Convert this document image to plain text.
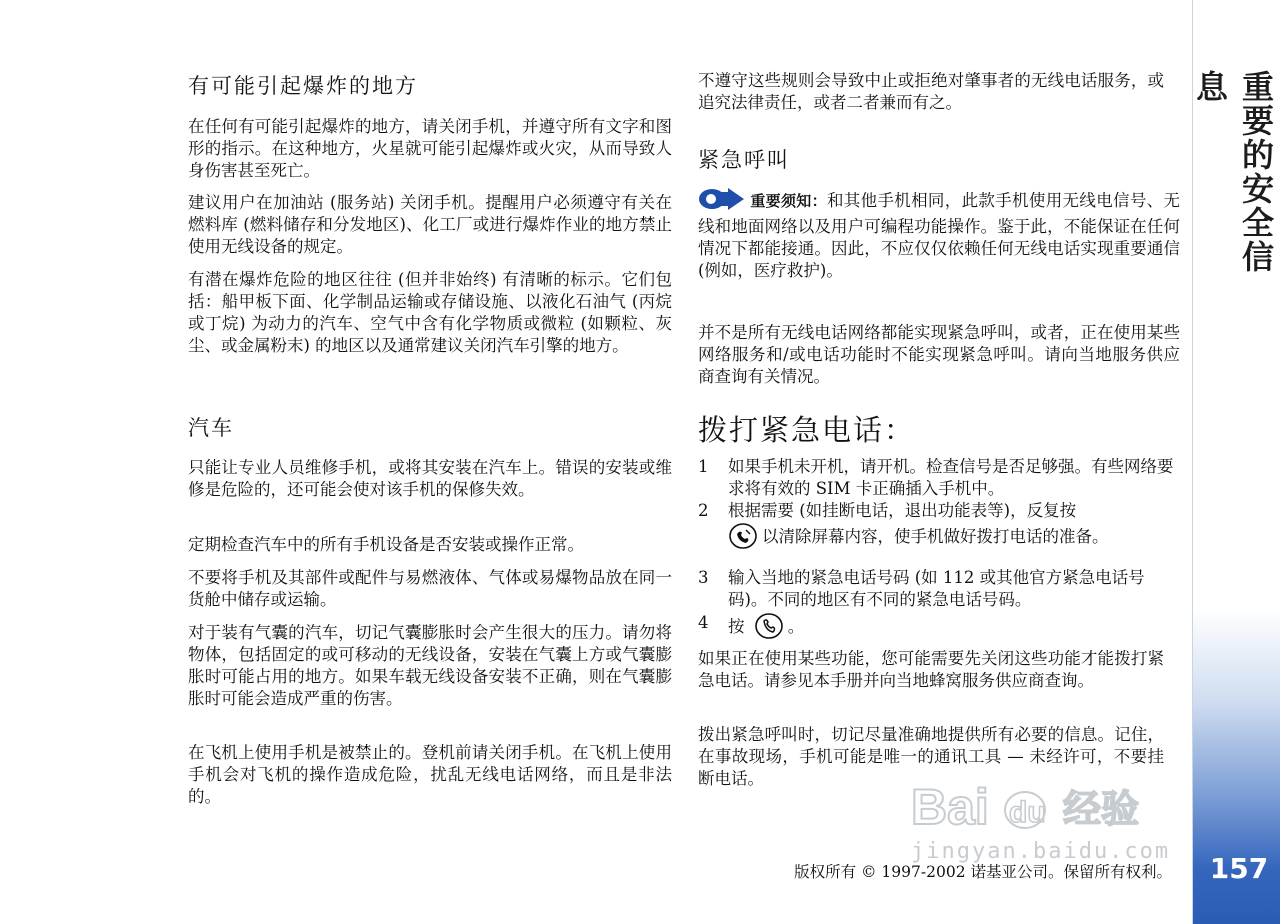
重要的安全信息
157
有可能引起爆炸的地方
在任何有可能引起爆炸的地方，请关闭手机，并遵守所有文字和图形的指示。在这种地方，火星就可能引起爆炸或火灾，从而导致人身伤害甚至死亡。
建议用户在加油站 (服务站) 关闭手机。提醒用户必须遵守有关在燃料库 (燃料储存和分发地区)、化工厂或进行爆炸作业的地方禁止使用无线设备的规定。
有潜在爆炸危险的地区往往 (但并非始终) 有清晰的标示。它们包括：船甲板下面、化学制品运输或存储设施、以液化石油气 (丙烷或丁烷) 为动力的汽车、空气中含有化学物质或微粒 (如颗粒、灰尘、或金属粉末) 的地区以及通常建议关闭汽车引擎的地方。
汽车
只能让专业人员维修手机，或将其安装在汽车上。错误的安装或维修是危险的，还可能会使对该手机的保修失效。
定期检查汽车中的所有手机设备是否安装或操作正常。
不要将手机及其部件或配件与易燃液体、气体或易爆物品放在同一货舱中储存或运输。
对于装有气囊的汽车，切记气囊膨胀时会产生很大的压力。请勿将物体，包括固定的或可移动的无线设备，安装在气囊上方或气囊膨胀时可能占用的地方。如果车载无线设备安装不正确，则在气囊膨胀时可能会造成严重的伤害。
在飞机上使用手机是被禁止的。登机前请关闭手机。在飞机上使用手机会对飞机的操作造成危险，扰乱无线电话网络，而且是非法的。
不遵守这些规则会导致中止或拒绝对肇事者的无线电话服务，或追究法律责任，或者二者兼而有之。
紧急呼叫
重要须知：和其他手机相同，此款手机使用无线电信号、无线和地面网络以及用户可编程功能操作。鉴于此，不能保证在任何情况下都能接通。因此，不应仅仅依赖任何无线电话实现重要通信 (例如，医疗救护)。
并不是所有无线电话网络都能实现紧急呼叫，或者，正在使用某些网络服务和/或电话功能时不能实现紧急呼叫。请向当地服务供应商查询有关情况。
拨打紧急电话：
1	如果手机未开机，请开机。检查信号是否足够强。有些网络要求将有效的 SIM 卡正确插入手机中。
2	根据需要 (如挂断电话，退出功能表等)，反复按
以清除屏幕内容，使手机做好拨打电话的准备。
3	输入当地的紧急电话号码 (如 112 或其他官方紧急电话号码)。不同的地区有不同的紧急电话号码。
4	按	。
如果正在使用某些功能，您可能需要先关闭这些功能才能拨打紧急电话。请参见本手册并向当地蜂窝服务供应商查询。
拨出紧急呼叫时，切记尽量准确地提供所有必要的信息。记住，在事故现场，手机可能是唯一的通讯工具 — 未经许可，不要挂断电话。
版权所有 © 1997-2002 诺基亚公司。保留所有权利。
Bai du 经验
jingyan.baidu.com
